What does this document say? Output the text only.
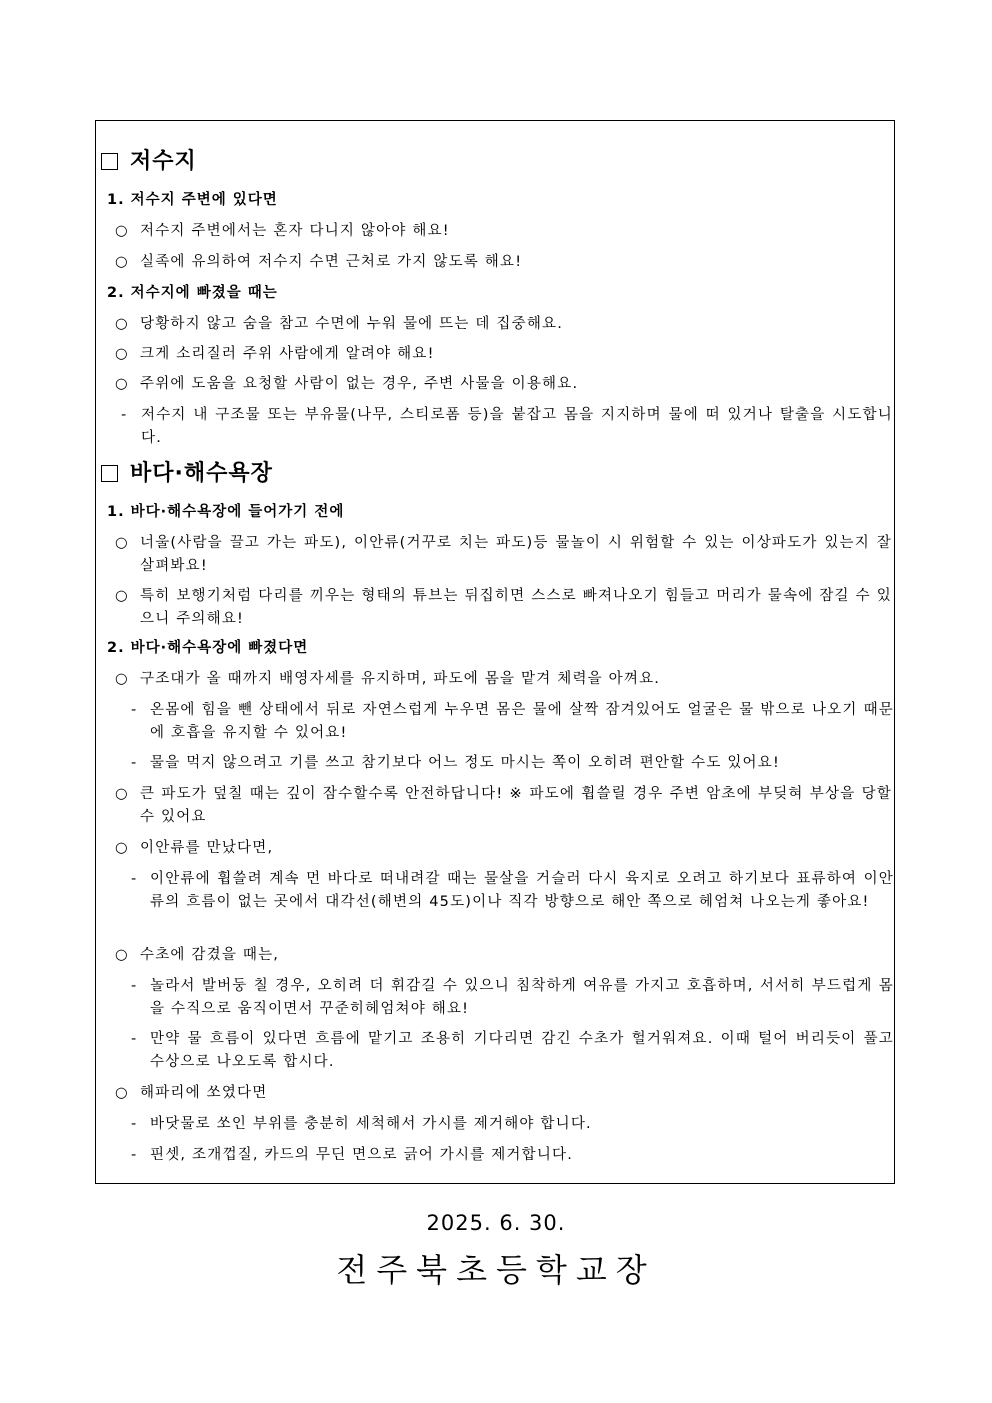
저수지
1. 저수지 주변에 있다면
○ 저수지 주변에서는 혼자 다니지 않아야 해요!
○ 실족에 유의하여 저수지 수면 근처로 가지 않도록 해요!
2. 저수지에 빠졌을 때는
○ 당황하지 않고 숨을 참고 수면에 누워 물에 뜨는 데 집중해요.
○ 크게 소리질러 주위 사람에게 알려야 해요!
○ 주위에 도움을 요청할 사람이 없는 경우, 주변 사물을 이용해요.
- 저수지 내 구조물 또는 부유물(나무, 스티로폼 등)을 붙잡고 몸을 지지하며 물에 떠 있거나 탈출을 시도합니다.
바다·해수욕장
1. 바다·해수욕장에 들어가기 전에
○ 너울(사람을 끌고 가는 파도), 이안류(거꾸로 치는 파도)등 물놀이 시 위험할 수 있는 이상파도가 있는지 잘 살펴봐요!
○ 특히 보행기처럼 다리를 끼우는 형태의 튜브는 뒤집히면 스스로 빠져나오기 힘들고 머리가 물속에 잠길 수 있으니 주의해요!
2. 바다·해수욕장에 빠졌다면
○ 구조대가 올 때까지 배영자세를 유지하며, 파도에 몸을 맡겨 체력을 아껴요.
- 온몸에 힘을 뺀 상태에서 뒤로 자연스럽게 누우면 몸은 물에 살짝 잠겨있어도 얼굴은 물 밖으로 나오기 때문에 호흡을 유지할 수 있어요!
- 물을 먹지 않으려고 기를 쓰고 참기보다 어느 정도 마시는 쪽이 오히려 편안할 수도 있어요!
○ 큰 파도가 덮칠 때는 깊이 잠수할수록 안전하답니다! ※ 파도에 휩쓸릴 경우 주변 암초에 부딪혀 부상을 당할 수 있어요
○ 이안류를 만났다면,
- 이안류에 휩쓸려 계속 먼 바다로 떠내려갈 때는 물살을 거슬러 다시 육지로 오려고 하기보다 표류하여 이안류의 흐름이 없는 곳에서 대각선(해변의 45도)이나 직각 방향으로 해안 쪽으로 헤엄쳐 나오는게 좋아요!
○ 수초에 감겼을 때는,
- 놀라서 발버둥 칠 경우, 오히려 더 휘감길 수 있으니 침착하게 여유를 가지고 호흡하며, 서서히 부드럽게 몸을 수직으로 움직이면서 꾸준히헤엄쳐야 해요!
- 만약 물 흐름이 있다면 흐름에 맡기고 조용히 기다리면 감긴 수초가 헐거워져요. 이때 털어 버리듯이 풀고 수상으로 나오도록 합시다.
○ 해파리에 쏘였다면
- 바닷물로 쏘인 부위를 충분히 세척해서 가시를 제거해야 합니다.
- 핀셋, 조개껍질, 카드의 무딘 면으로 긁어 가시를 제거합니다.
2025. 6. 30.
전주북초등학교장
